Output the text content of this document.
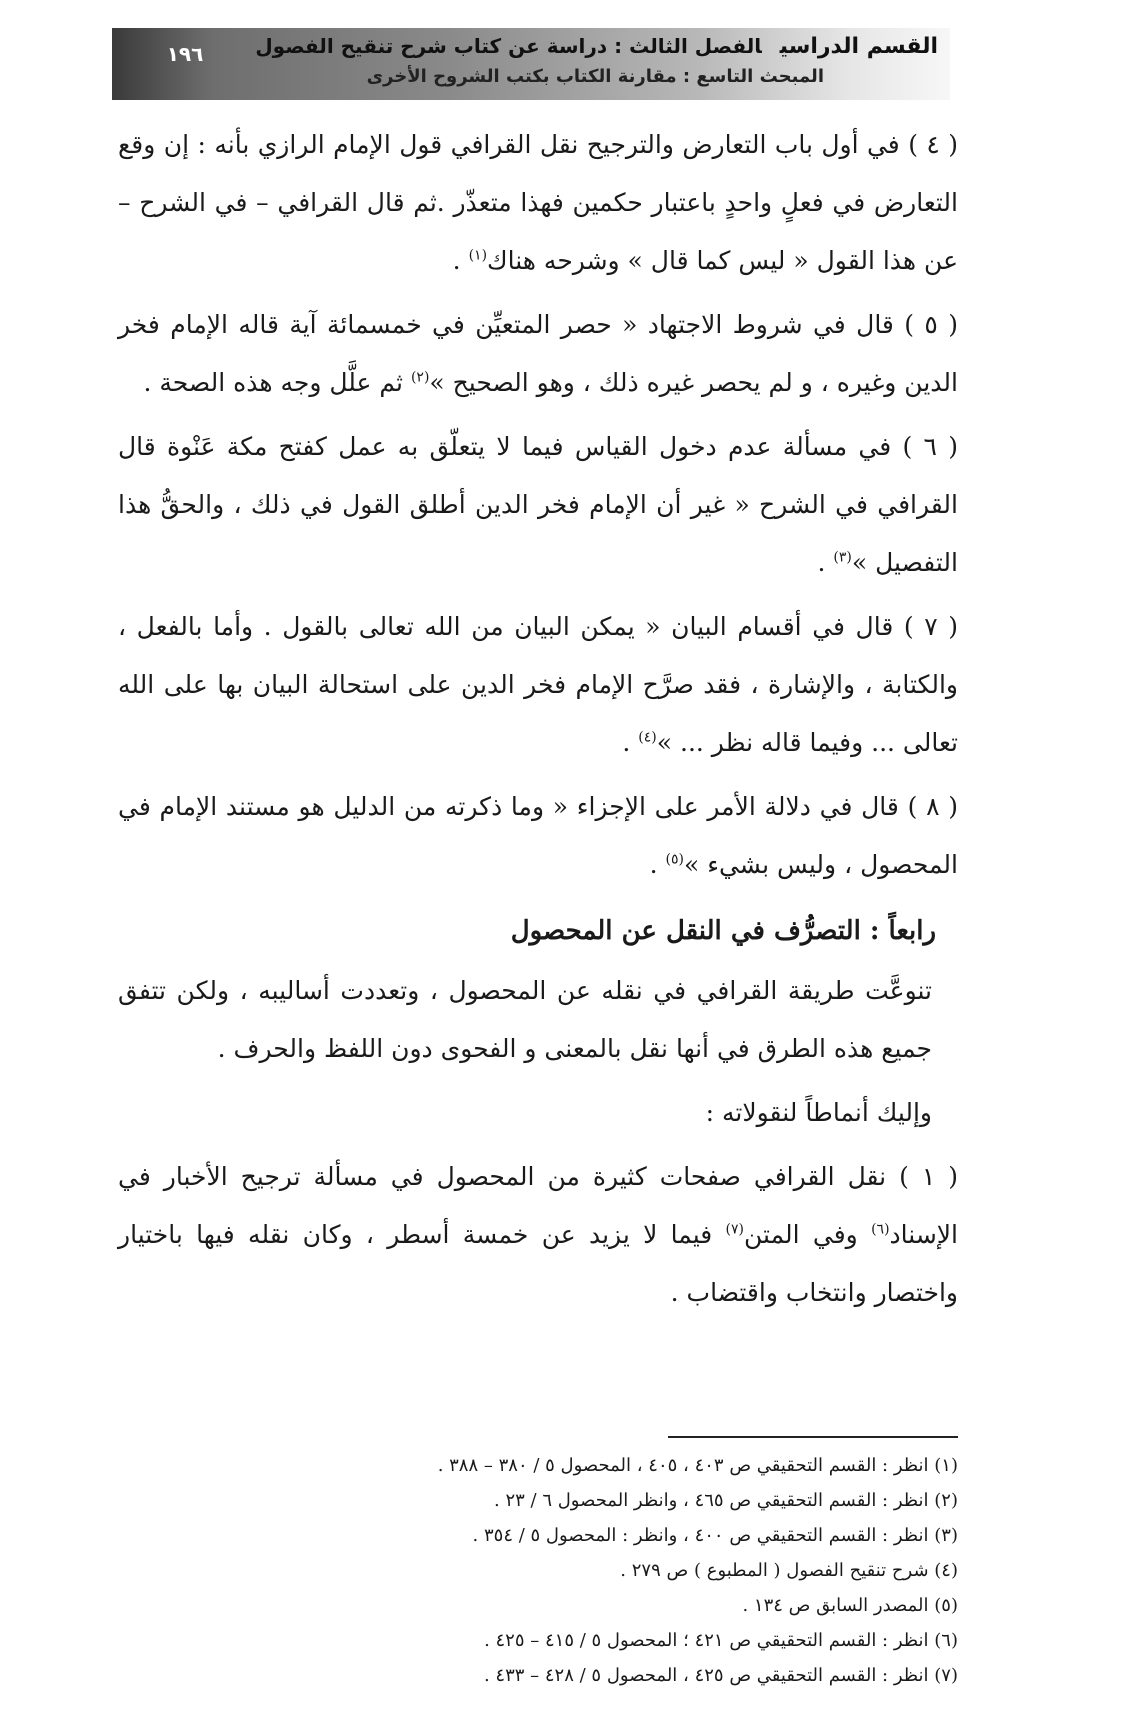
١٩٦	القسم الدراسيالفصل الثالث : دراسة عن كتاب شرح تنقيح الفصول
المبحث التاسع : مقارنة الكتاب بكتب الشروح الأخرى

( ٤ ) في أول باب التعارض والترجيح نقل القرافي قول الإمام الرازي بأنه : إن وقع التعارض في فعلٍ واحدٍ باعتبار حكمين فهذا متعذّر .ثم قال القرافي – في الشرح – عن هذا القول « ليس كما قال » وشرحه هناك$^{(١)}$ .

( ٥ ) قال في شروط الاجتهاد « حصر المتعيِّن في خمسمائة آية قاله الإمام فخر الدين وغيره ، و لم يحصر غيره ذلك ، وهو الصحيح »$^{(٢)}$ ثم علَّل وجه هذه الصحة .

( ٦ ) في مسألة عدم دخول القياس فيما لا يتعلّق به عمل كفتح مكة عَنْوة قال القرافي في الشرح « غير أن الإمام فخر الدين أطلق القول في ذلك ، والحقُّ هذا التفصيل »$^{(٣)}$ .

( ٧ ) قال في أقسام البيان « يمكن البيان من الله تعالى بالقول . وأما بالفعل ، والكتابة ، والإشارة ، فقد صرَّح الإمام فخر الدين على استحالة البيان بها على الله تعالى ... وفيما قاله نظر ... »$^{(٤)}$ .

( ٨ ) قال في دلالة الأمر على الإجزاء « وما ذكرته من الدليل هو مستند الإمام في المحصول ، وليس بشيء »$^{(٥)}$ .

رابعاً : التصرُّف في النقل عن المحصول

تنوعَّت طريقة القرافي في نقله عن المحصول ، وتعددت أساليبه ، ولكن تتفق جميع هذه الطرق في أنها نقل بالمعنى و الفحوى دون اللفظ والحرف .

وإليك أنماطاً لنقولاته :

( ١ ) نقل القرافي صفحات كثيرة من المحصول في مسألة ترجيح الأخبار في الإسناد$^{(٦)}$ وفي المتن$^{(٧)}$ فيما لا يزيد عن خمسة أسطر ، وكان نقله فيها باختيار واختصار وانتخاب واقتضاب .

(١) انظر : القسم التحقيقي ص ٤٠٣ ، ٤٠٥ ، المحصول ٥ / ٣٨٠ – ٣٨٨ .

(٢) انظر : القسم التحقيقي ص ٤٦٥ ، وانظر المحصول ٦ / ٢٣ .

(٣) انظر : القسم التحقيقي ص ٤٠٠ ، وانظر : المحصول ٥ / ٣٥٤ .

(٤) شرح تنقيح الفصول ( المطبوع ) ص ٢٧٩ .

(٥) المصدر السابق ص ١٣٤ .

(٦) انظر : القسم التحقيقي ص ٤٢١ ؛ المحصول ٥ / ٤١٥ – ٤٢٥ .

(٧) انظر : القسم التحقيقي ص ٤٢٥ ، المحصول ٥ / ٤٢٨ – ٤٣٣ .
